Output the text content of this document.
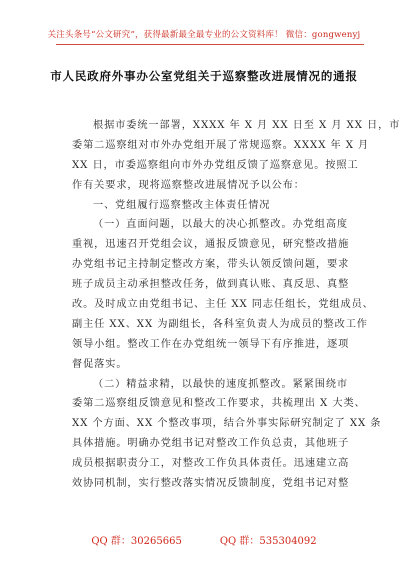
关注头条号“公文研究”，获得最新最全最专业的公文资料库！ 微信：gongwenyj
市人民政府外事办公室党组关于巡察整改进展情况的通报
根据市委统一部署，XXXX 年 X 月 XX 日至 X 月 XX 日，市
委第二巡察组对市外办党组开展了常规巡察。XXXX 年 X 月
XX 日，市委巡察组向市外办党组反馈了巡察意见。按照工
作有关要求，现将巡察整改进展情况予以公布：
一、党组履行巡察整改主体责任情况
（一）直面问题，以最大的决心抓整改。办党组高度
重视，迅速召开党组会议，通报反馈意见，研究整改措施
办党组书记主持制定整改方案，带头认领反馈问题，要求
班子成员主动承担整改任务，做到真认账、真反思、真整
改。及时成立由党组书记、主任 XX 同志任组长，党组成员、
副主任 XX、XX 为副组长，各科室负责人为成员的整改工作
领导小组。整改工作在办党组统一领导下有序推进，逐项
督促落实。
（二）精益求精，以最快的速度抓整改。紧紧围绕市
委第二巡察组反馈意见和整改工作要求，共梳理出 X 大类、
XX 个方面、XX 个整改事项，结合外事实际研究制定了 XX 条
具体措施。明确办党组书记对整改工作负总责，其他班子
成员根据职责分工，对整改工作负具体责任。迅速建立高
效协同机制，实行整改落实情况反馈制度，党组书记对整
QQ 群：30265665	QQ 群：535304092
